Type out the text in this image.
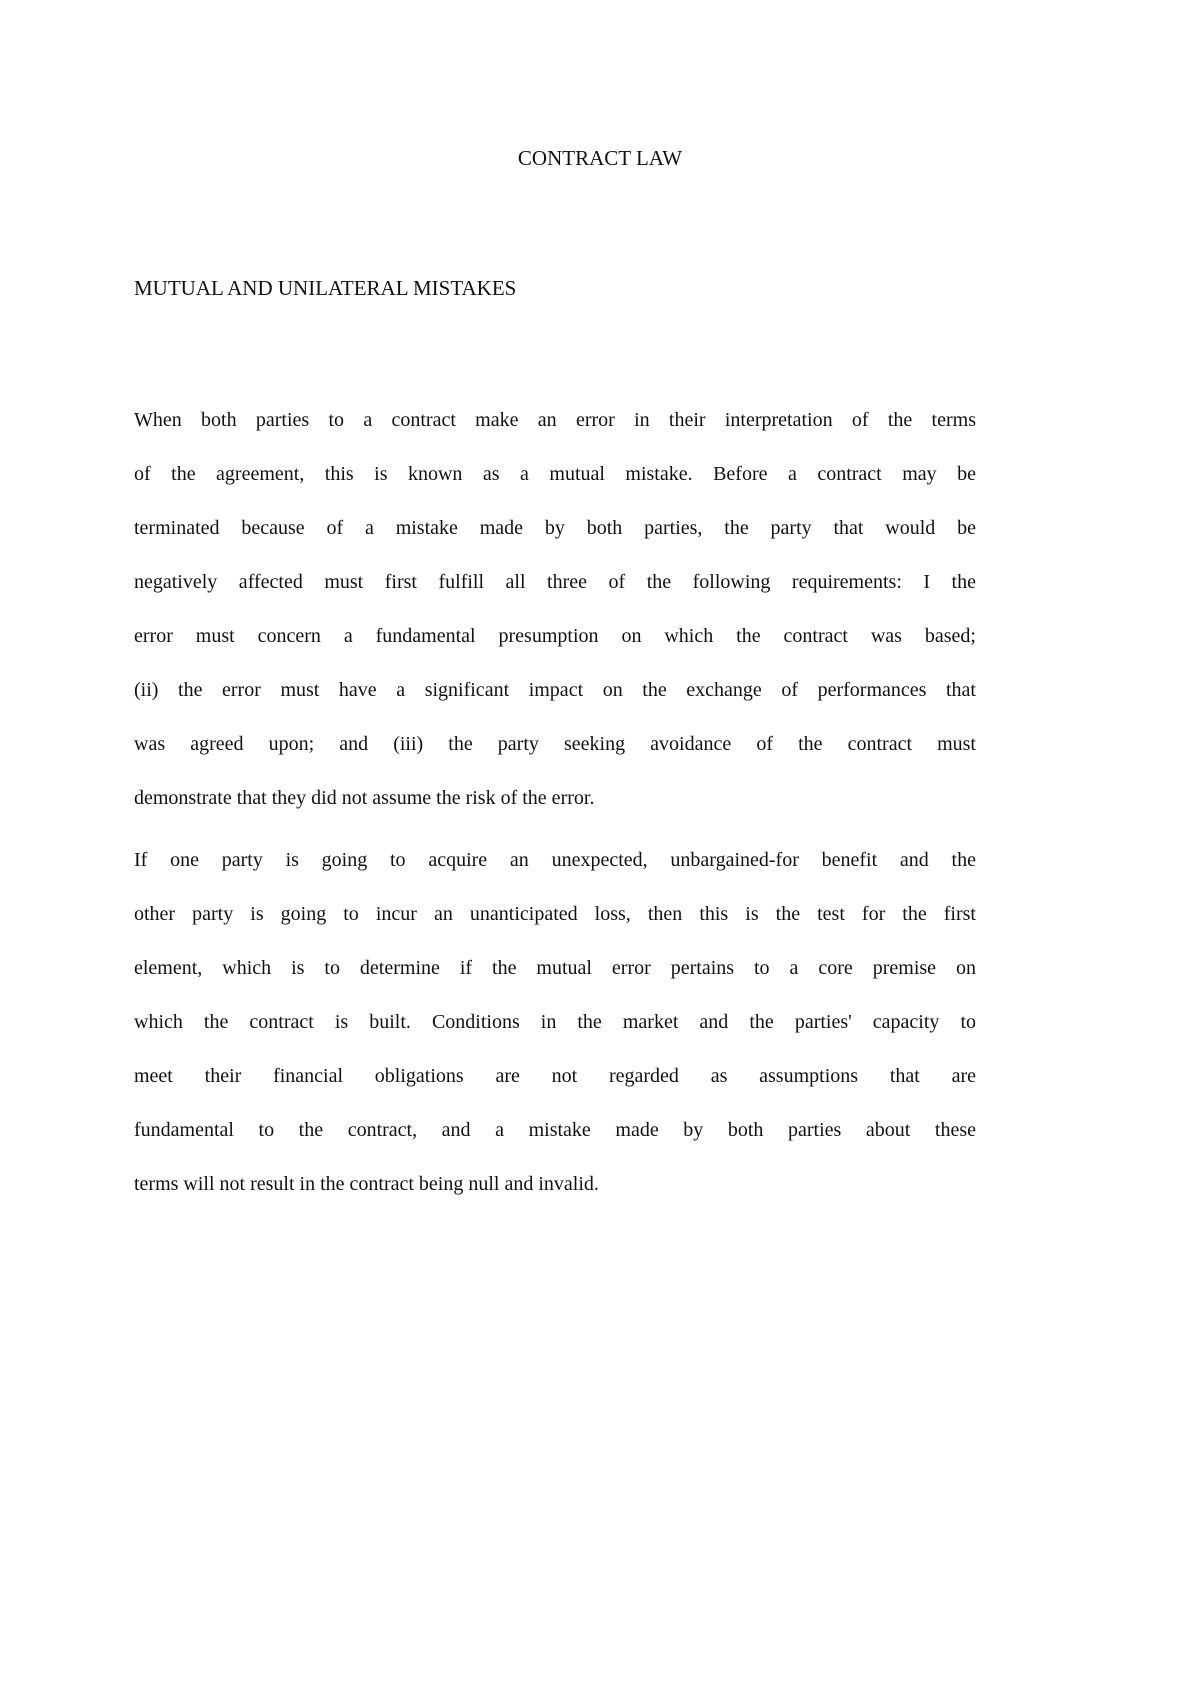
CONTRACT LAW
MUTUAL AND UNILATERAL MISTAKES
When both parties to a contract make an error in their interpretation of the terms
of the agreement, this is known as a mutual mistake. Before a contract may be
terminated because of a mistake made by both parties, the party that would be
negatively affected must first fulfill all three of the following requirements: I the
error must concern a fundamental presumption on which the contract was based;
(ii) the error must have a significant impact on the exchange of performances that
was agreed upon; and (iii) the party seeking avoidance of the contract must
demonstrate that they did not assume the risk of the error.
If one party is going to acquire an unexpected, unbargained-for benefit and the
other party is going to incur an unanticipated loss, then this is the test for the first
element, which is to determine if the mutual error pertains to a core premise on
which the contract is built. Conditions in the market and the parties' capacity to
meet their financial obligations are not regarded as assumptions that are
fundamental to the contract, and a mistake made by both parties about these
terms will not result in the contract being null and invalid.
